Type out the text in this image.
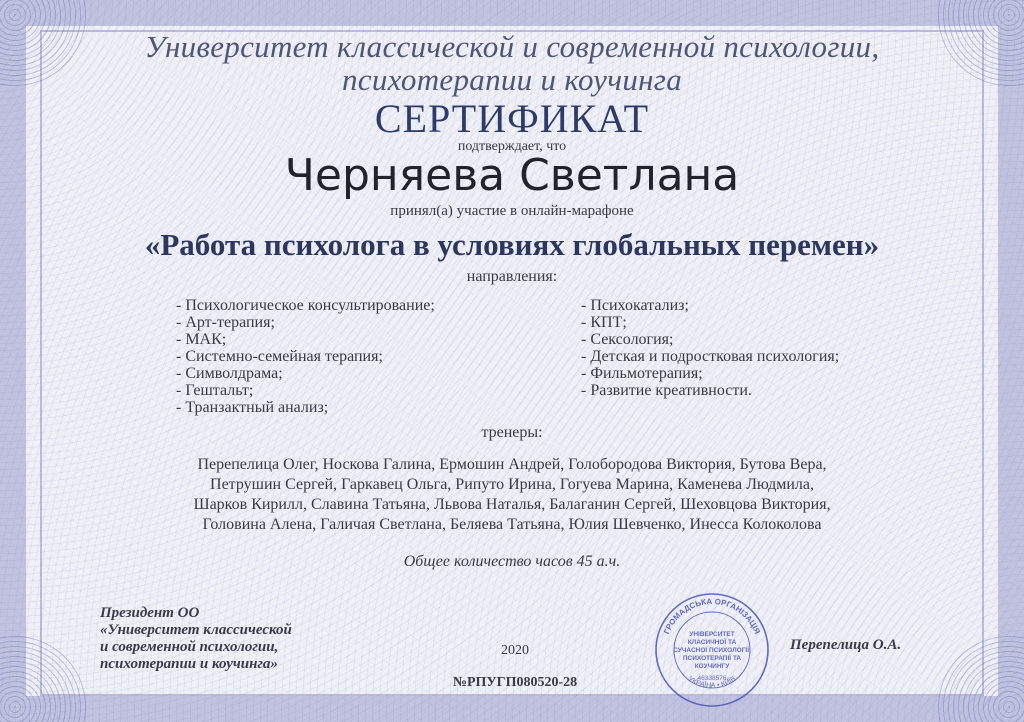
Университет классической и современной психологии,
психотерапии и коучинга
СЕРТИФИКАТ
подтверждает, что
Черняева Светлана
принял(а) участие в онлайн-марафоне
«Работа психолога в условиях глобальных перемен»
направления:
- Психологическое консультирование;
- Арт-терапия;
- МАК;
- Системно-семейная терапия;
- Символдрама;
- Гештальт;
- Транзактный анализ;
- Психокатализ;
- КПТ;
- Сексология;
- Детская и подростковая психология;
- Фильмотерапия;
- Развитие креативности.
тренеры:
Перепелица Олег, Носкова Галина, Ермошин Андрей, Голобородова Виктория, Бутова Вера,
Петрушин Сергей, Гаркавец Ольга, Рипуто Ирина, Гогуева Марина, Каменева Людмила,
Шарков Кирилл, Славина Татьяна, Львова Наталья, Балаганин Сергей, Шеховцова Виктория,
Головина Алена, Галичая Светлана, Беляева Татьяна, Юлия Шевченко, Инесса Колоколова
Общее количество часов 45 а.ч.
Президент ОО
«Университет классической
и современной психологии,
психотерапии и коучинга»
2020
№РПУГП080520-28
Перепелица О.А.
ГРОМАДСЬКА ОРГАНІЗАЦІЯ
УКРАЇНА • КИЇВ
УНІВЕРСИТЕТ
КЛАСИЧНОЇ ТА
СУЧАСНОЇ ПСИХОЛОГІЇ,
ПСИХОТЕРАПІЇ ТА
КОУЧИНГУ
46338576
